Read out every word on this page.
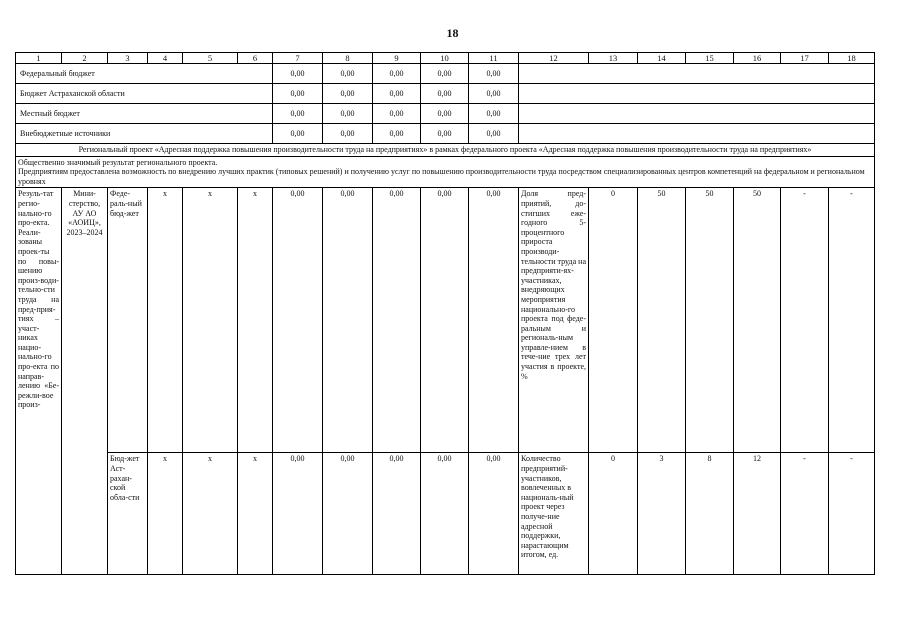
18
1	2	3	4	5	6	7	8	9	10	11	12	13	14	15	16	17	18
Федеральный бюджет						0,00	0,00	0,00	0,00	0,00							
Бюджет Астраханской области						0,00	0,00	0,00	0,00	0,00							
Местный бюджет						0,00	0,00	0,00	0,00	0,00							
Внебюджетные источники						0,00	0,00	0,00	0,00	0,00							
Региональный проект «Адресная поддержка повышения производительности труда на предприятиях» в рамках федерального проекта «Адресная поддержка повышения производительности труда на предприятиях»																	

Общественно значимый результат регионального проекта.
Предприятиям предоставлена возможность по внедрению лучших практик (типовых решений) и получению услуг по повышению производительности труда посредством специализированных центров компетенций на федеральном и региональном уровнях																	

Резуль-тат регио-нально-го про-екта. Реали-зованы проек-ты по повы-шению произ-води-тельно-сти труда на пред-прия-тиях – участ-никах нацио-нально-го про-екта по направ-лению «Бе-режли-вое произ-	Мини-стерство, АУ АО «АОИЦ», 2023–2024	Феде-раль-ный бюд-жет	х	х	х	0,00	0,00	0,00	0,00	0,00	Доля пред-приятий, до-стигших еже-годного 5-процентного прироста производи-тельности труда на предприяти-ях-участниках, внедряющих мероприятия национально-го проекта под феде-ральным и региональ-ным управле-нием в тече-ние трех лет участия в проекте, %	0	50	50	50	-	-
		Бюд-жет Аст-рахан-ской обла-сти	х	х	х	0,00	0,00	0,00	0,00	0,00	Количество предприятий-участников, вовлеченных в националь-ный проект через получе-ние адресной поддержки, нарастающим итогом, ед.	0	3	8	12	-	-
